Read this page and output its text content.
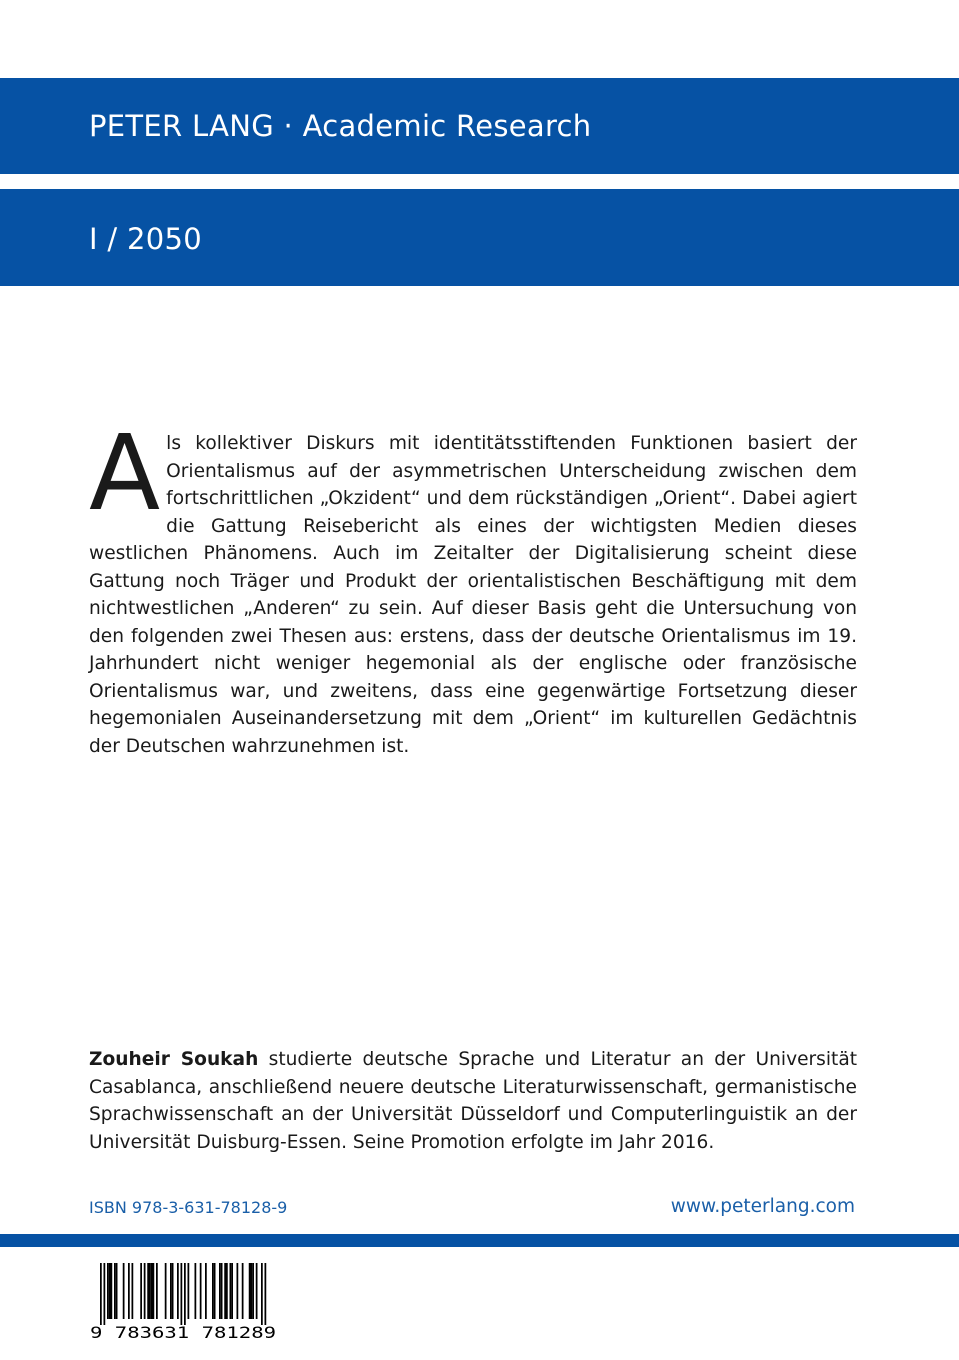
PETER LANG · Academic Research
I / 2050
Als kollektiver Diskurs mit identitätsstiftenden Funktionen basiert der Orientalismus auf der asymmetrischen Unterscheidung zwischen dem fortschrittlichen „Okzident“ und dem rückständigen „Orient“. Dabei agiert die Gattung Reisebericht als eines der wichtigsten Medien dieses westlichen Phänomens. Auch im Zeitalter der Digitalisierung scheint diese Gattung noch Träger und Produkt der orientalistischen Beschäftigung mit dem nichtwestlichen „Anderen“ zu sein. Auf dieser Basis geht die Untersuchung von den folgenden zwei Thesen aus: erstens, dass der deutsche Orientalismus im 19. Jahrhundert nicht weniger hegemonial als der englische oder französische Orientalismus war, und zweitens, dass eine gegenwärtige Fortsetzung dieser hegemonialen Auseinandersetzung mit dem „Orient“ im kulturellen Gedächtnis der Deutschen wahrzunehmen ist.
Zouheir Soukah studierte deutsche Sprache und Literatur an der Universität Casablanca, anschließend neuere deutsche Literaturwissenschaft, germanistische Sprachwissenschaft an der Universität Düsseldorf und Computerlinguistik an der Universität Duisburg-Essen. Seine Promotion erfolgte im Jahr 2016.
ISBN 978-3-631-78128-9	www.peterlang.com
9 783631 781289
